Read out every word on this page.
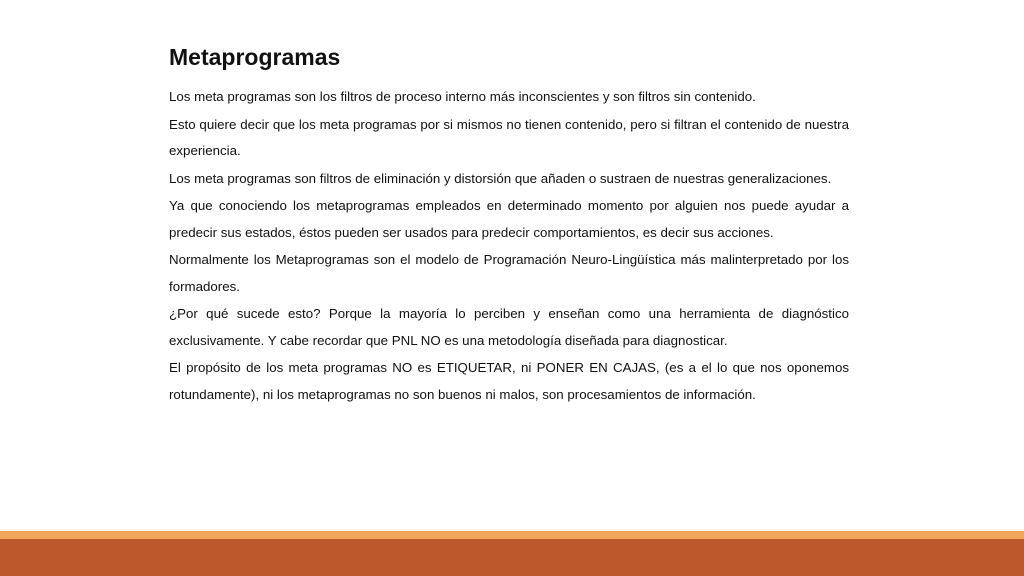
Metaprogramas

Los meta programas son los filtros de proceso interno más inconscientes y son filtros sin contenido.

Esto quiere decir que los meta programas por si mismos no tienen contenido, pero si filtran el contenido de nuestra experiencia.

Los meta programas son filtros de eliminación y distorsión que añaden o sustraen de nuestras generalizaciones.

Ya que conociendo los metaprogramas empleados en determinado momento por alguien nos puede ayudar a predecir sus estados, éstos pueden ser usados para predecir comportamientos, es decir sus acciones.

Normalmente los Metaprogramas son el modelo de Programación Neuro-Lingüística más malinterpretado por los formadores.

¿Por qué sucede esto? Porque la mayoría lo perciben y enseñan como una herramienta de diagnóstico exclusivamente. Y cabe recordar que PNL NO es una metodología diseñada para diagnosticar.

El propósito de los meta programas NO es ETIQUETAR, ni PONER EN CAJAS, (es a el lo que nos oponemos rotundamente), ni los metaprogramas no son buenos ni malos, son procesamientos de información.
